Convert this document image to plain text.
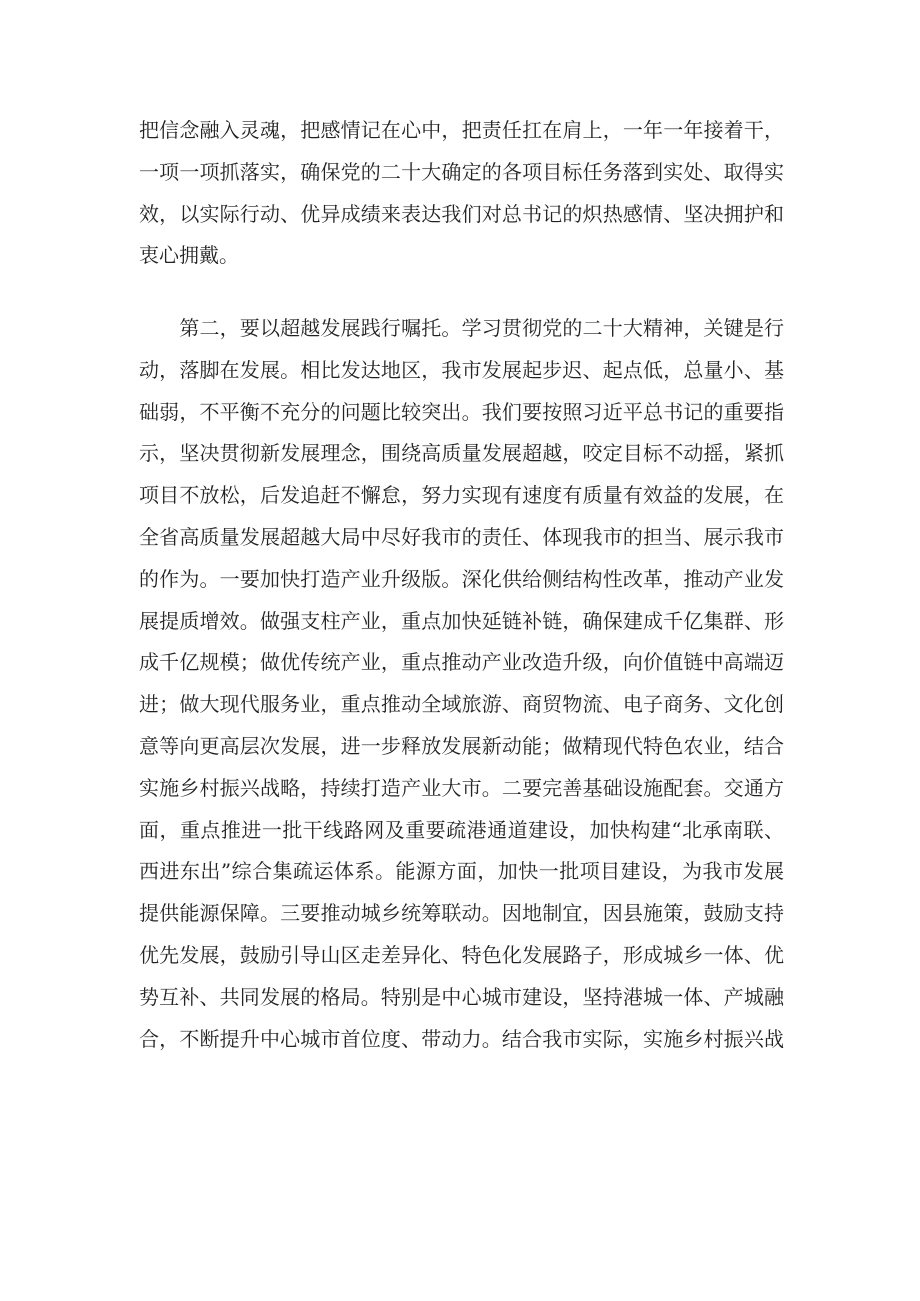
把信念融入灵魂，把感情记在心中，把责任扛在肩上，一年一年接着干，
一项一项抓落实，确保党的二十大确定的各项目标任务落到实处、取得实
效，以实际行动、优异成绩来表达我们对总书记的炽热感情、坚决拥护和
衷心拥戴。
　　第二，要以超越发展践行嘱托。学习贯彻党的二十大精神，关键是行
动，落脚在发展。相比发达地区，我市发展起步迟、起点低，总量小、基
础弱，不平衡不充分的问题比较突出。我们要按照习近平总书记的重要指
示，坚决贯彻新发展理念，围绕高质量发展超越，咬定目标不动摇，紧抓
项目不放松，后发追赶不懈怠，努力实现有速度有质量有效益的发展，在
全省高质量发展超越大局中尽好我市的责任、体现我市的担当、展示我市
的作为。一要加快打造产业升级版。深化供给侧结构性改革，推动产业发
展提质增效。做强支柱产业，重点加快延链补链，确保建成千亿集群、形
成千亿规模；做优传统产业，重点推动产业改造升级，向价值链中高端迈
进；做大现代服务业，重点推动全域旅游、商贸物流、电子商务、文化创
意等向更高层次发展，进一步释放发展新动能；做精现代特色农业，结合
实施乡村振兴战略，持续打造产业大市。二要完善基础设施配套。交通方
面，重点推进一批干线路网及重要疏港通道建设，加快构建“北承南联、
西进东出”综合集疏运体系。能源方面，加快一批项目建设，为我市发展
提供能源保障。三要推动城乡统筹联动。因地制宜，因县施策，鼓励支持
优先发展，鼓励引导山区走差异化、特色化发展路子，形成城乡一体、优
势互补、共同发展的格局。特别是中心城市建设，坚持港城一体、产城融
合，不断提升中心城市首位度、带动力。结合我市实际，实施乡村振兴战
